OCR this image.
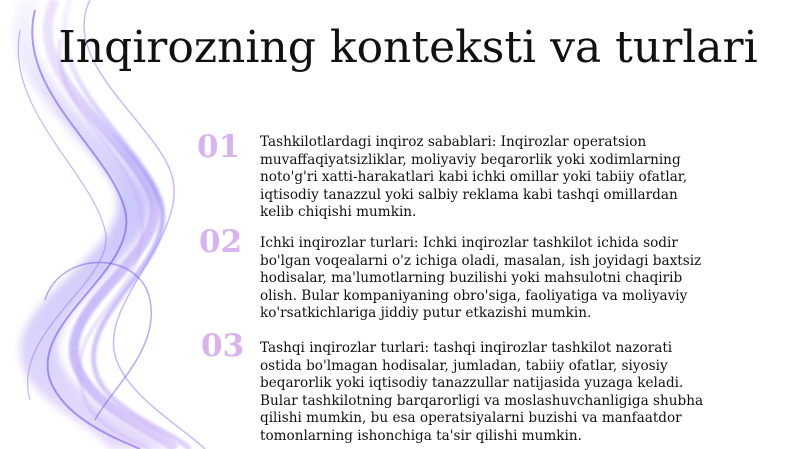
Inqirozning konteksti va turlari
01 Tashkilotlardagi inqiroz sabablari: Inqirozlar operatsion
muvaffaqiyatsizliklar, moliyaviy beqarorlik yoki xodimlarning
noto'g'ri xatti-harakatlari kabi ichki omillar yoki tabiiy ofatlar,
iqtisodiy tanazzul yoki salbiy reklama kabi tashqi omillardan
kelib chiqishi mumkin.
02 Ichki inqirozlar turlari: Ichki inqirozlar tashkilot ichida sodir
bo'lgan voqealarni o'z ichiga oladi, masalan, ish joyidagi baxtsiz
hodisalar, ma'lumotlarning buzilishi yoki mahsulotni chaqirib
olish. Bular kompaniyaning obro'siga, faoliyatiga va moliyaviy
ko'rsatkichlariga jiddiy putur etkazishi mumkin.
03 Tashqi inqirozlar turlari: tashqi inqirozlar tashkilot nazorati
ostida bo'lmagan hodisalar, jumladan, tabiiy ofatlar, siyosiy
beqarorlik yoki iqtisodiy tanazzullar natijasida yuzaga keladi.
Bular tashkilotning barqarorligi va moslashuvchanligiga shubha
qilishi mumkin, bu esa operatsiyalarni buzishi va manfaatdor
tomonlarning ishonchiga ta'sir qilishi mumkin.
